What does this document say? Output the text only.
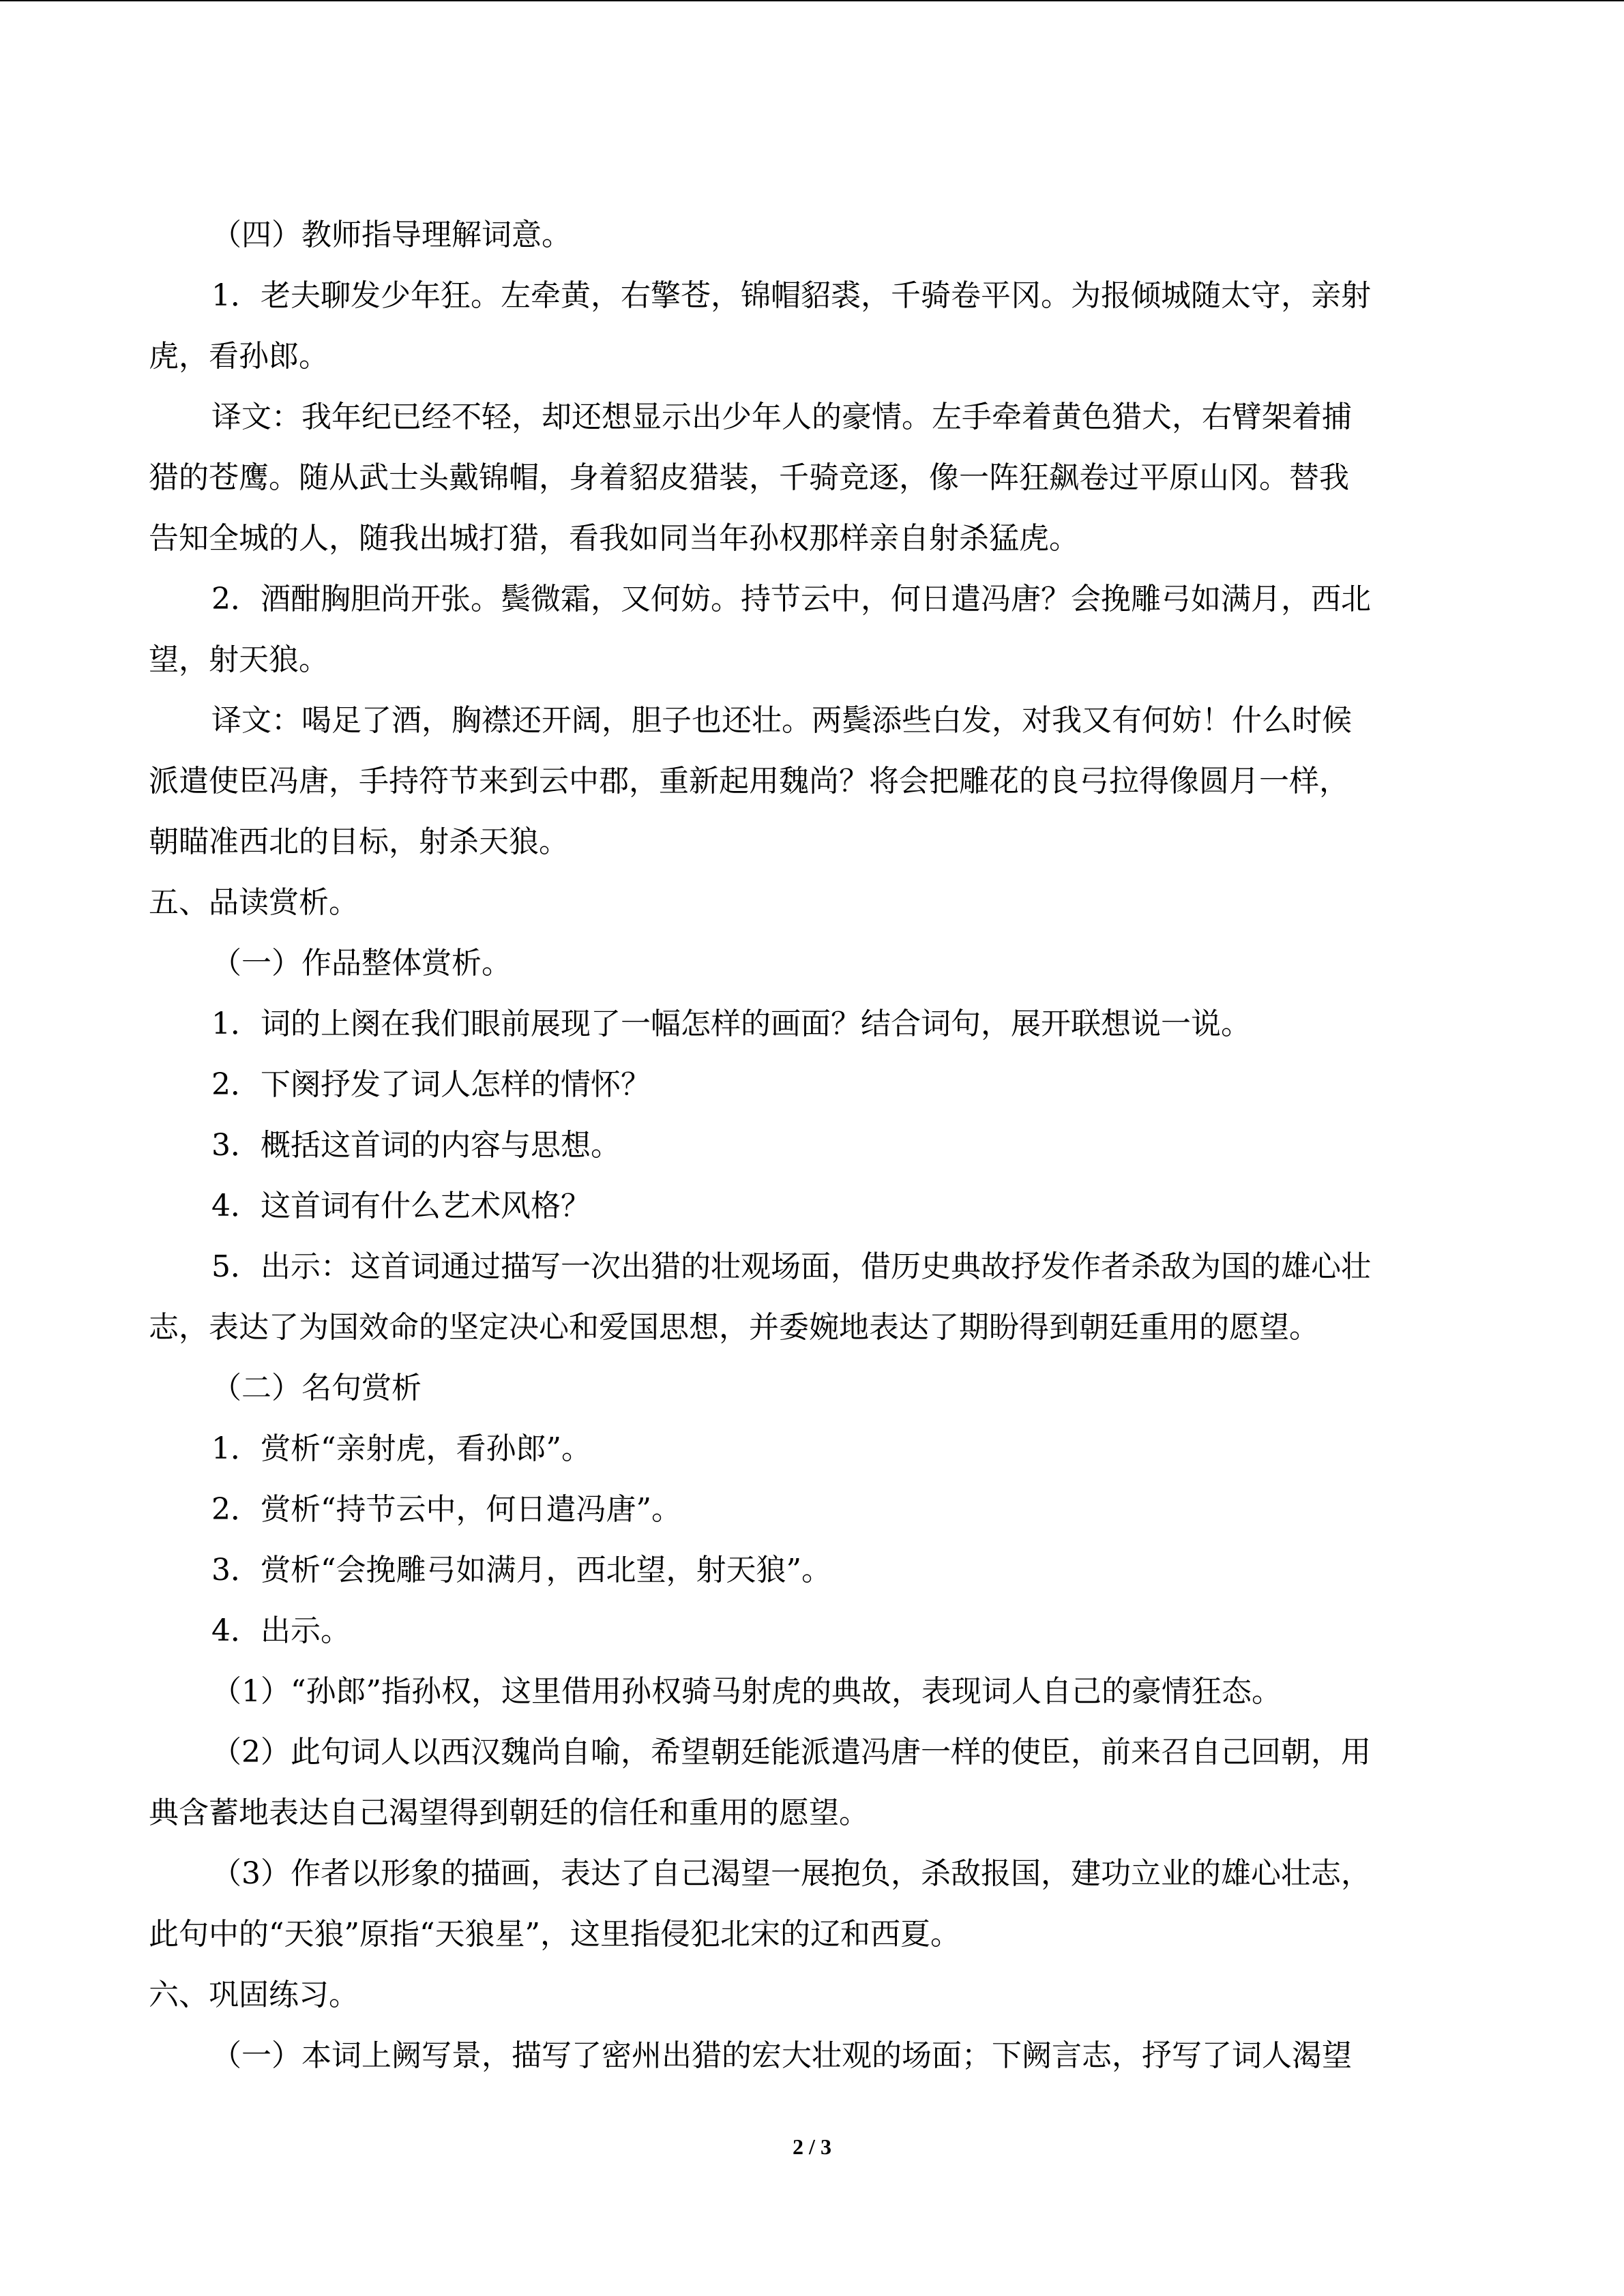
（四）教师指导理解词意。
1．老夫聊发少年狂。左牵黄，右擎苍，锦帽貂裘，千骑卷平冈。为报倾城随太守，亲射
虎，看孙郎。
译文：我年纪已经不轻，却还想显示出少年人的豪情。左手牵着黄色猎犬，右臂架着捕
猎的苍鹰。随从武士头戴锦帽，身着貂皮猎装，千骑竞逐，像一阵狂飙卷过平原山冈。替我
告知全城的人，随我出城打猎，看我如同当年孙权那样亲自射杀猛虎。
2．酒酣胸胆尚开张。鬓微霜，又何妨。持节云中，何日遣冯唐？会挽雕弓如满月，西北
望，射天狼。
译文：喝足了酒，胸襟还开阔，胆子也还壮。两鬓添些白发，对我又有何妨！什么时候
派遣使臣冯唐，手持符节来到云中郡，重新起用魏尚？将会把雕花的良弓拉得像圆月一样，
朝瞄准西北的目标，射杀天狼。
五、品读赏析。
（一）作品整体赏析。
1．词的上阕在我们眼前展现了一幅怎样的画面？结合词句，展开联想说一说。
2．下阕抒发了词人怎样的情怀？
3．概括这首词的内容与思想。
4．这首词有什么艺术风格？
5．出示：这首词通过描写一次出猎的壮观场面，借历史典故抒发作者杀敌为国的雄心壮
志，表达了为国效命的坚定决心和爱国思想，并委婉地表达了期盼得到朝廷重用的愿望。
（二）名句赏析
1．赏析“亲射虎，看孙郎”。
2．赏析“持节云中，何日遣冯唐”。
3．赏析“会挽雕弓如满月，西北望，射天狼”。
4．出示。
（1）“孙郎”指孙权，这里借用孙权骑马射虎的典故，表现词人自己的豪情狂态。
（2）此句词人以西汉魏尚自喻，希望朝廷能派遣冯唐一样的使臣，前来召自己回朝，用
典含蓄地表达自己渴望得到朝廷的信任和重用的愿望。
（3）作者以形象的描画，表达了自己渴望一展抱负，杀敌报国，建功立业的雄心壮志，
此句中的“天狼”原指“天狼星”，这里指侵犯北宋的辽和西夏。
六、巩固练习。
（一）本词上阙写景，描写了密州出猎的宏大壮观的场面；下阙言志，抒写了词人渴望
2 / 3
